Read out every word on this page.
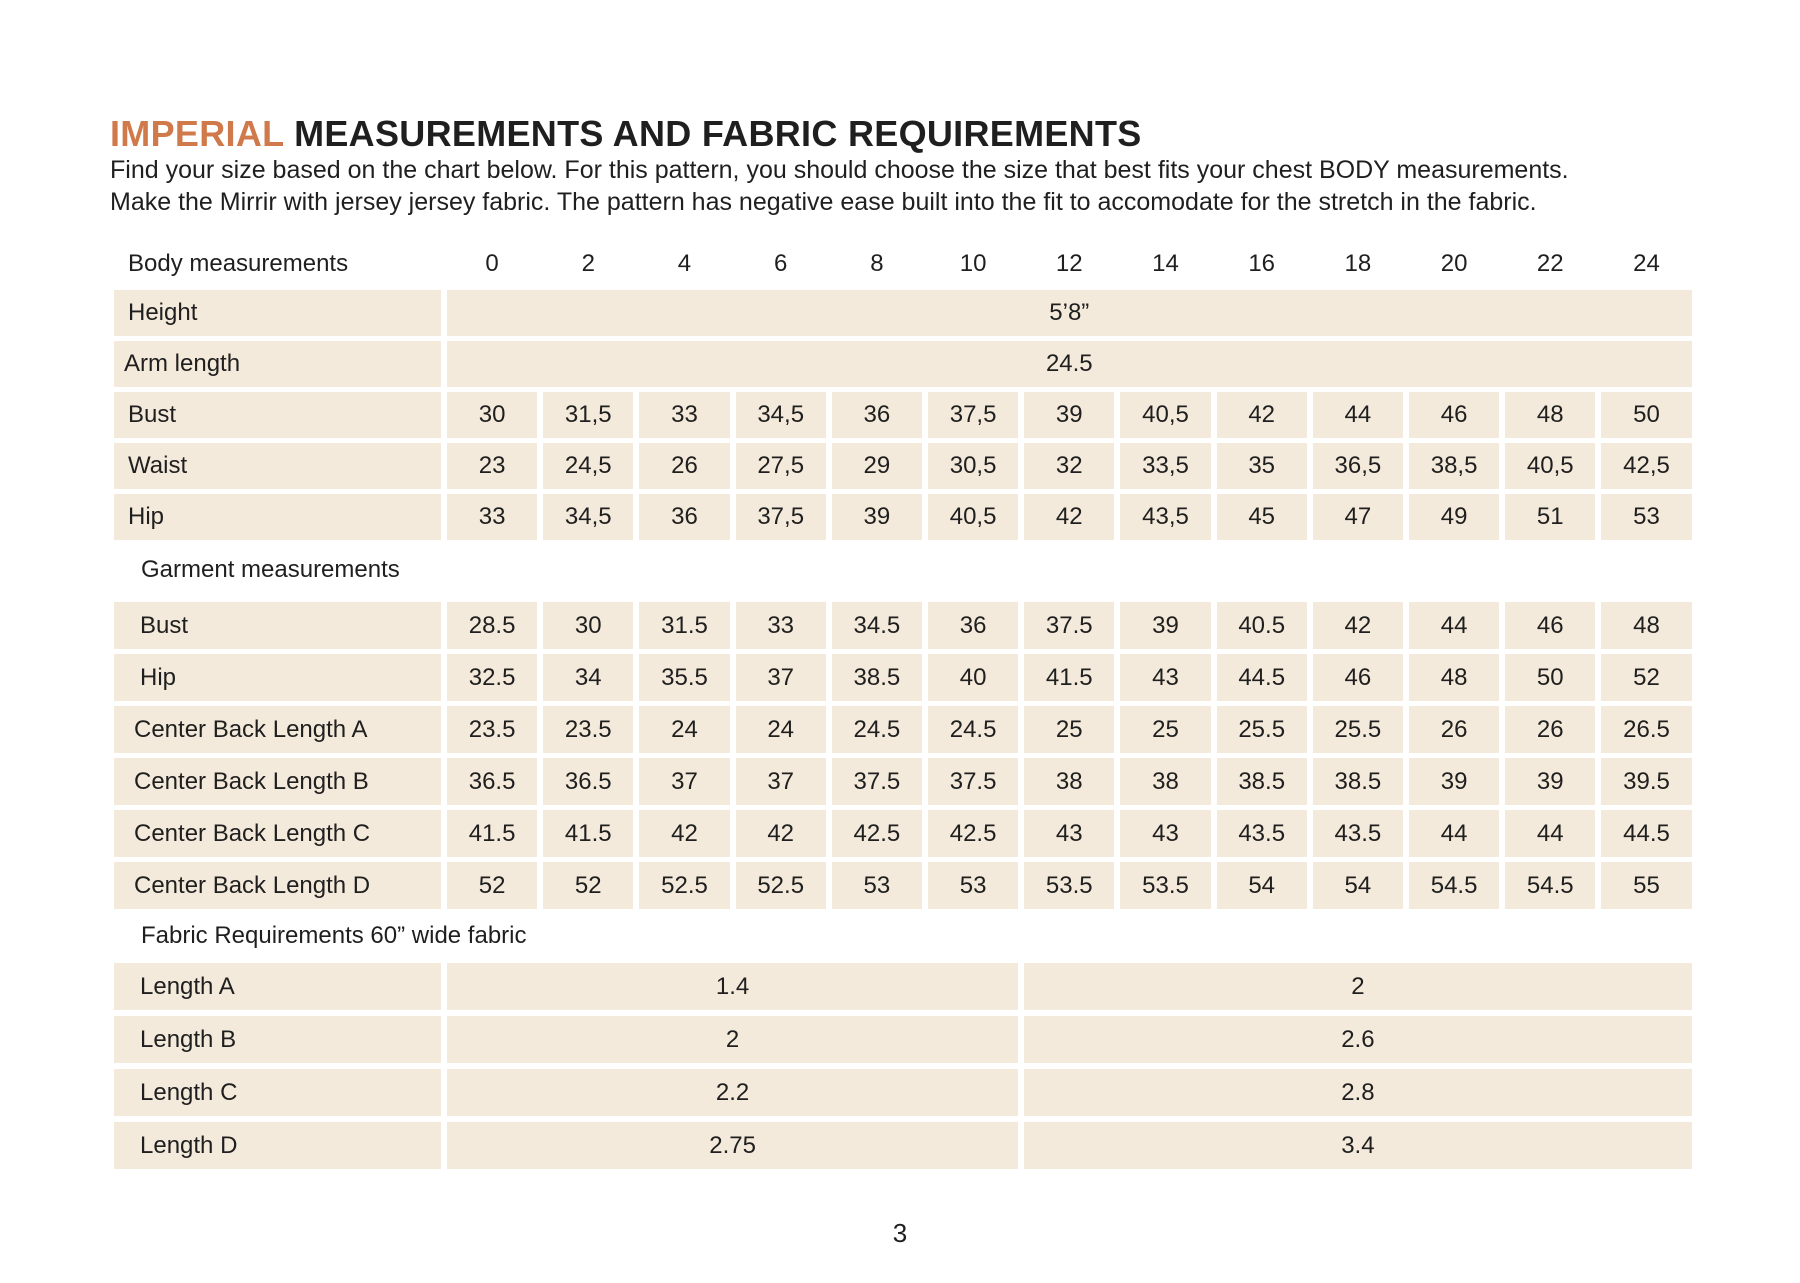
IMPERIAL MEASUREMENTS AND FABRIC REQUIREMENTS
Find your size based on the chart below. For this pattern, you should choose the size that best fits your chest BODY measurements.
Make the Mirrir with jersey jersey fabric. The pattern has negative ease built into the fit to accomodate for the stretch in the fabric.
Body measurements	0	2	4	6	8	10	12	14	16	18	20	22	24
Height	5’8”
Arm length	24.5
Bust	30	31,5	33	34,5	36	37,5	39	40,5	42	44	46	48	50
Waist	23	24,5	26	27,5	29	30,5	32	33,5	35	36,5	38,5	40,5	42,5
Hip	33	34,5	36	37,5	39	40,5	42	43,5	45	47	49	51	53
Garment measurements
Bust	28.5	30	31.5	33	34.5	36	37.5	39	40.5	42	44	46	48
Hip	32.5	34	35.5	37	38.5	40	41.5	43	44.5	46	48	50	52
Center Back Length A	23.5	23.5	24	24	24.5	24.5	25	25	25.5	25.5	26	26	26.5
Center Back Length B	36.5	36.5	37	37	37.5	37.5	38	38	38.5	38.5	39	39	39.5
Center Back Length C	41.5	41.5	42	42	42.5	42.5	43	43	43.5	43.5	44	44	44.5
Center Back Length D	52	52	52.5	52.5	53	53	53.5	53.5	54	54	54.5	54.5	55
Fabric Requirements 60” wide fabric
Length A	1.4	2
Length B	2	2.6
Length C	2.2	2.8
Length D	2.75	3.4
3
